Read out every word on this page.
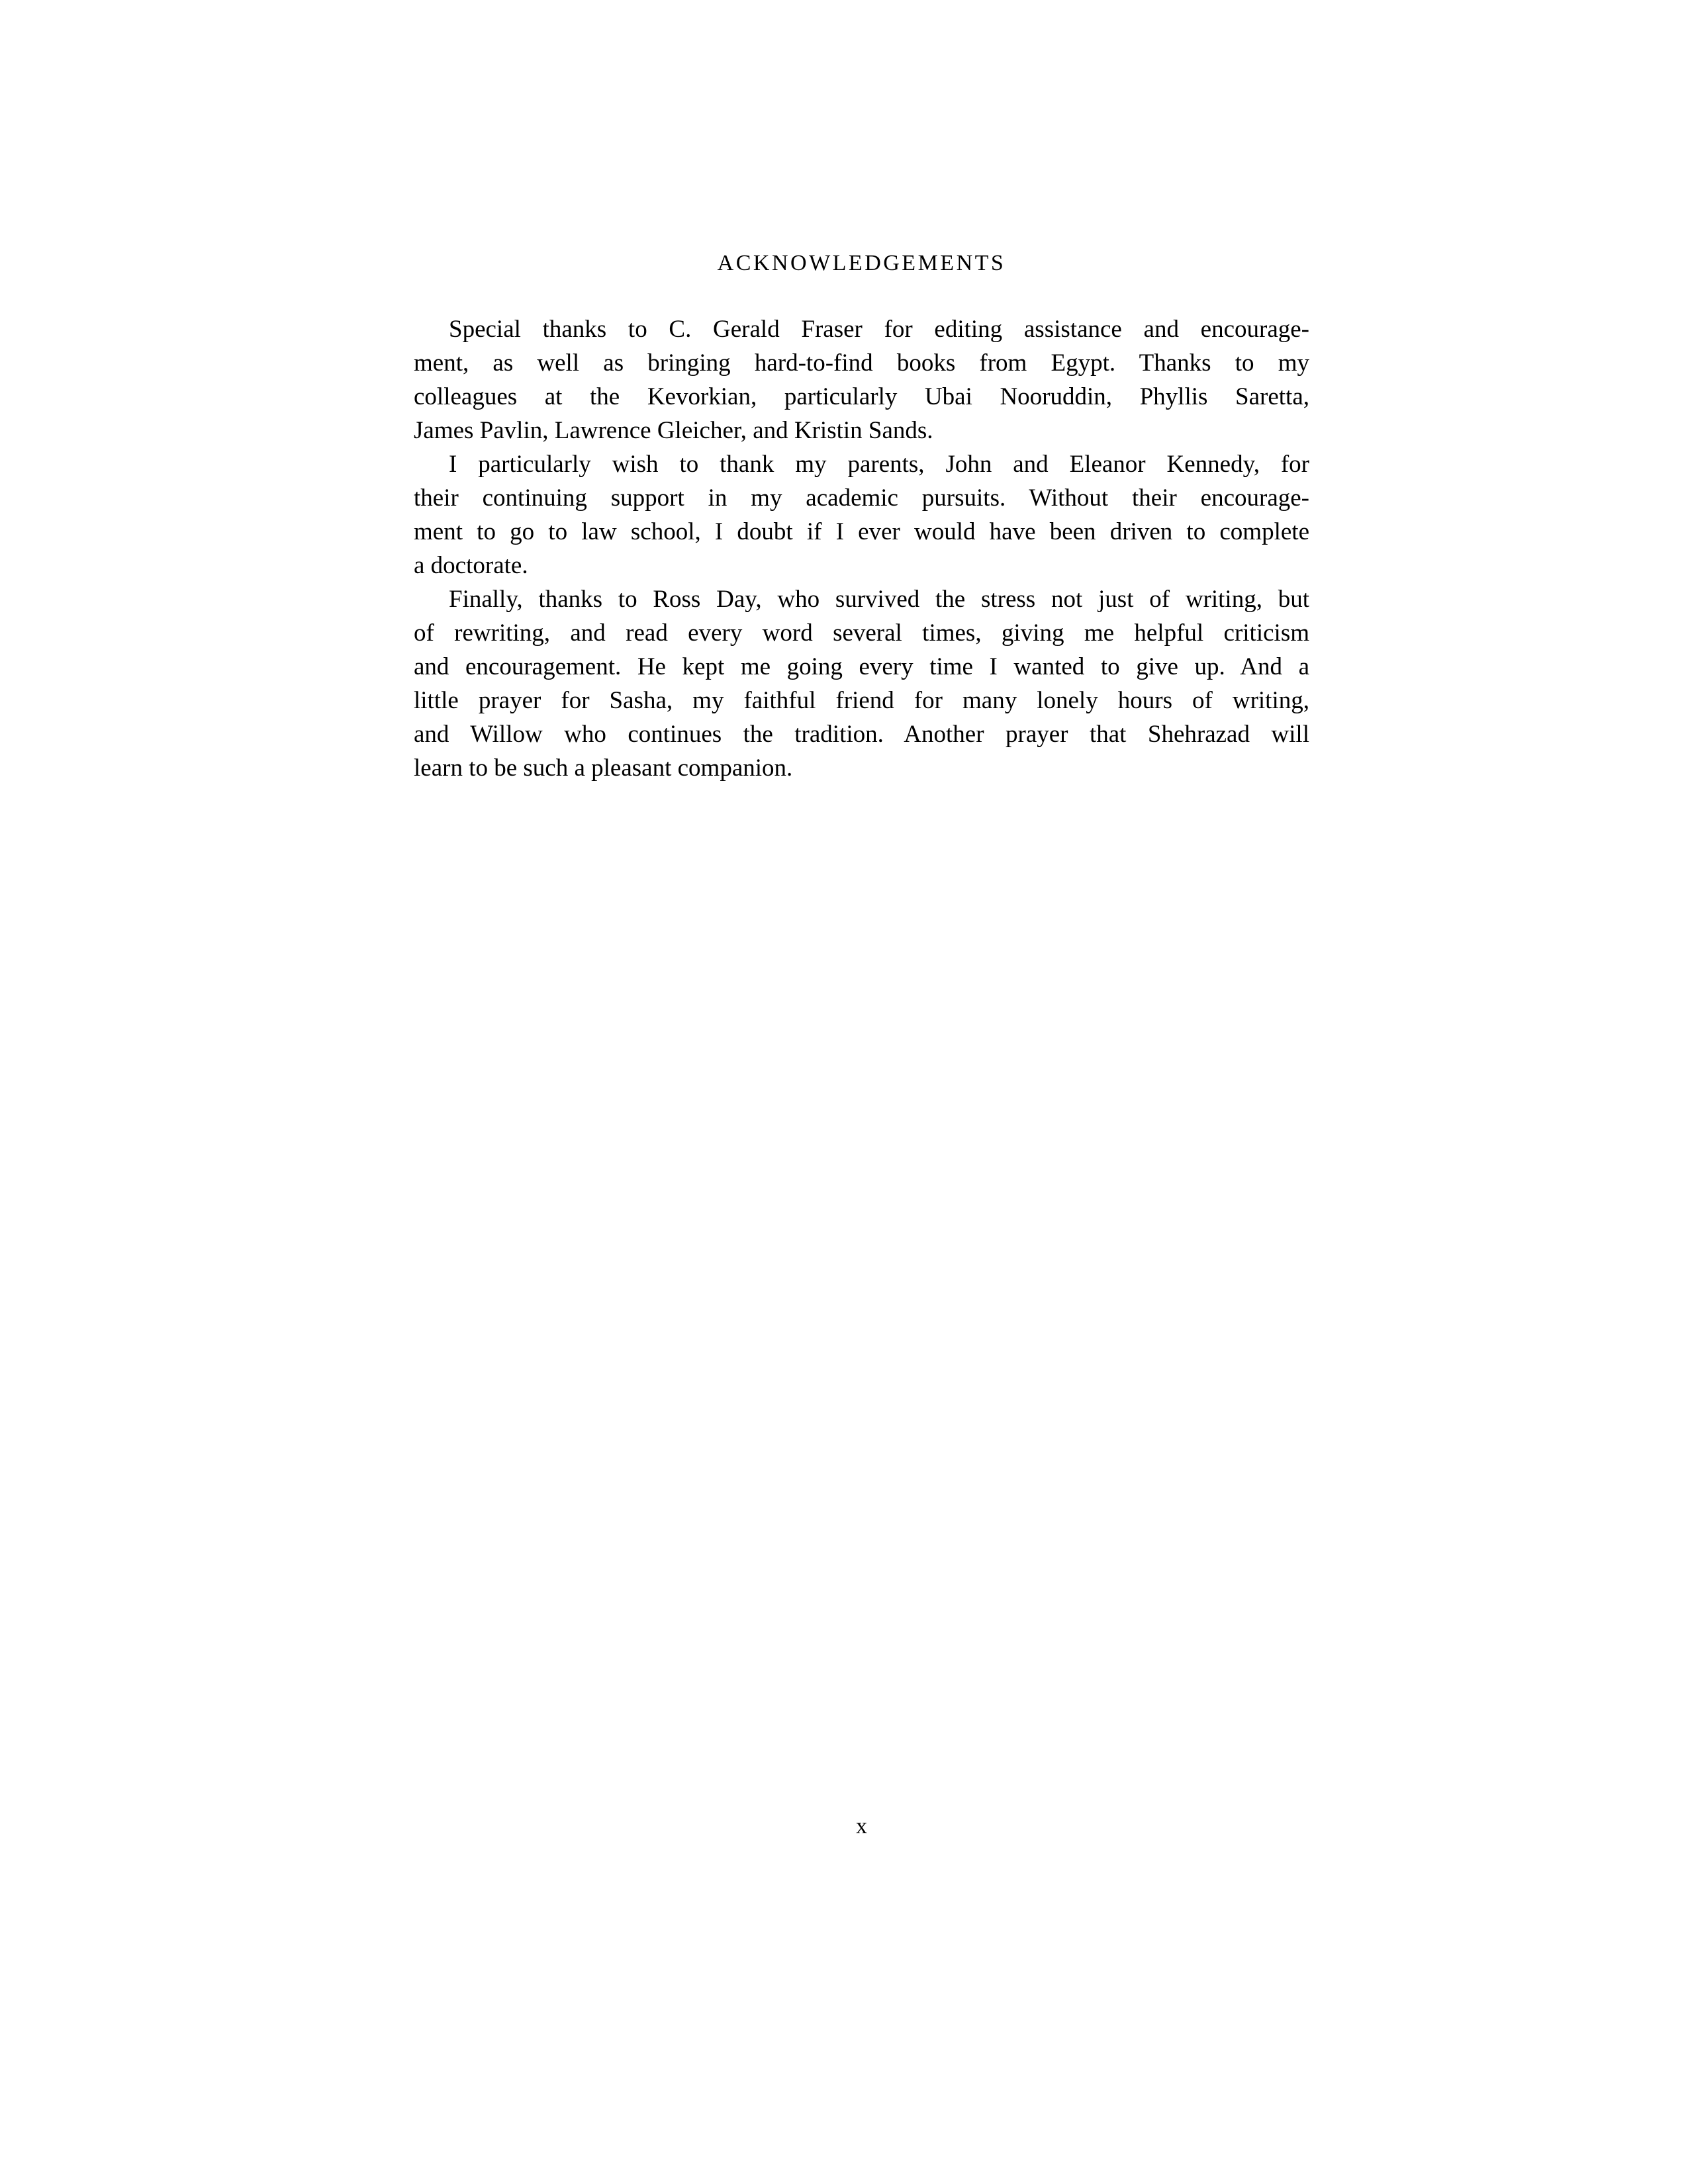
ACKNOWLEDGEMENTS
Special thanks to C. Gerald Fraser for editing assistance and encourage-
ment, as well as bringing hard-to-find books from Egypt. Thanks to my
colleagues at the Kevorkian, particularly Ubai Nooruddin, Phyllis Saretta,
James Pavlin, Lawrence Gleicher, and Kristin Sands.
I particularly wish to thank my parents, John and Eleanor Kennedy, for
their continuing support in my academic pursuits. Without their encourage-
ment to go to law school, I doubt if I ever would have been driven to complete
a doctorate.
Finally, thanks to Ross Day, who survived the stress not just of writing, but
of rewriting, and read every word several times, giving me helpful criticism
and encouragement. He kept me going every time I wanted to give up. And a
little prayer for Sasha, my faithful friend for many lonely hours of writing,
and Willow who continues the tradition. Another prayer that Shehrazad will
learn to be such a pleasant companion.
x
